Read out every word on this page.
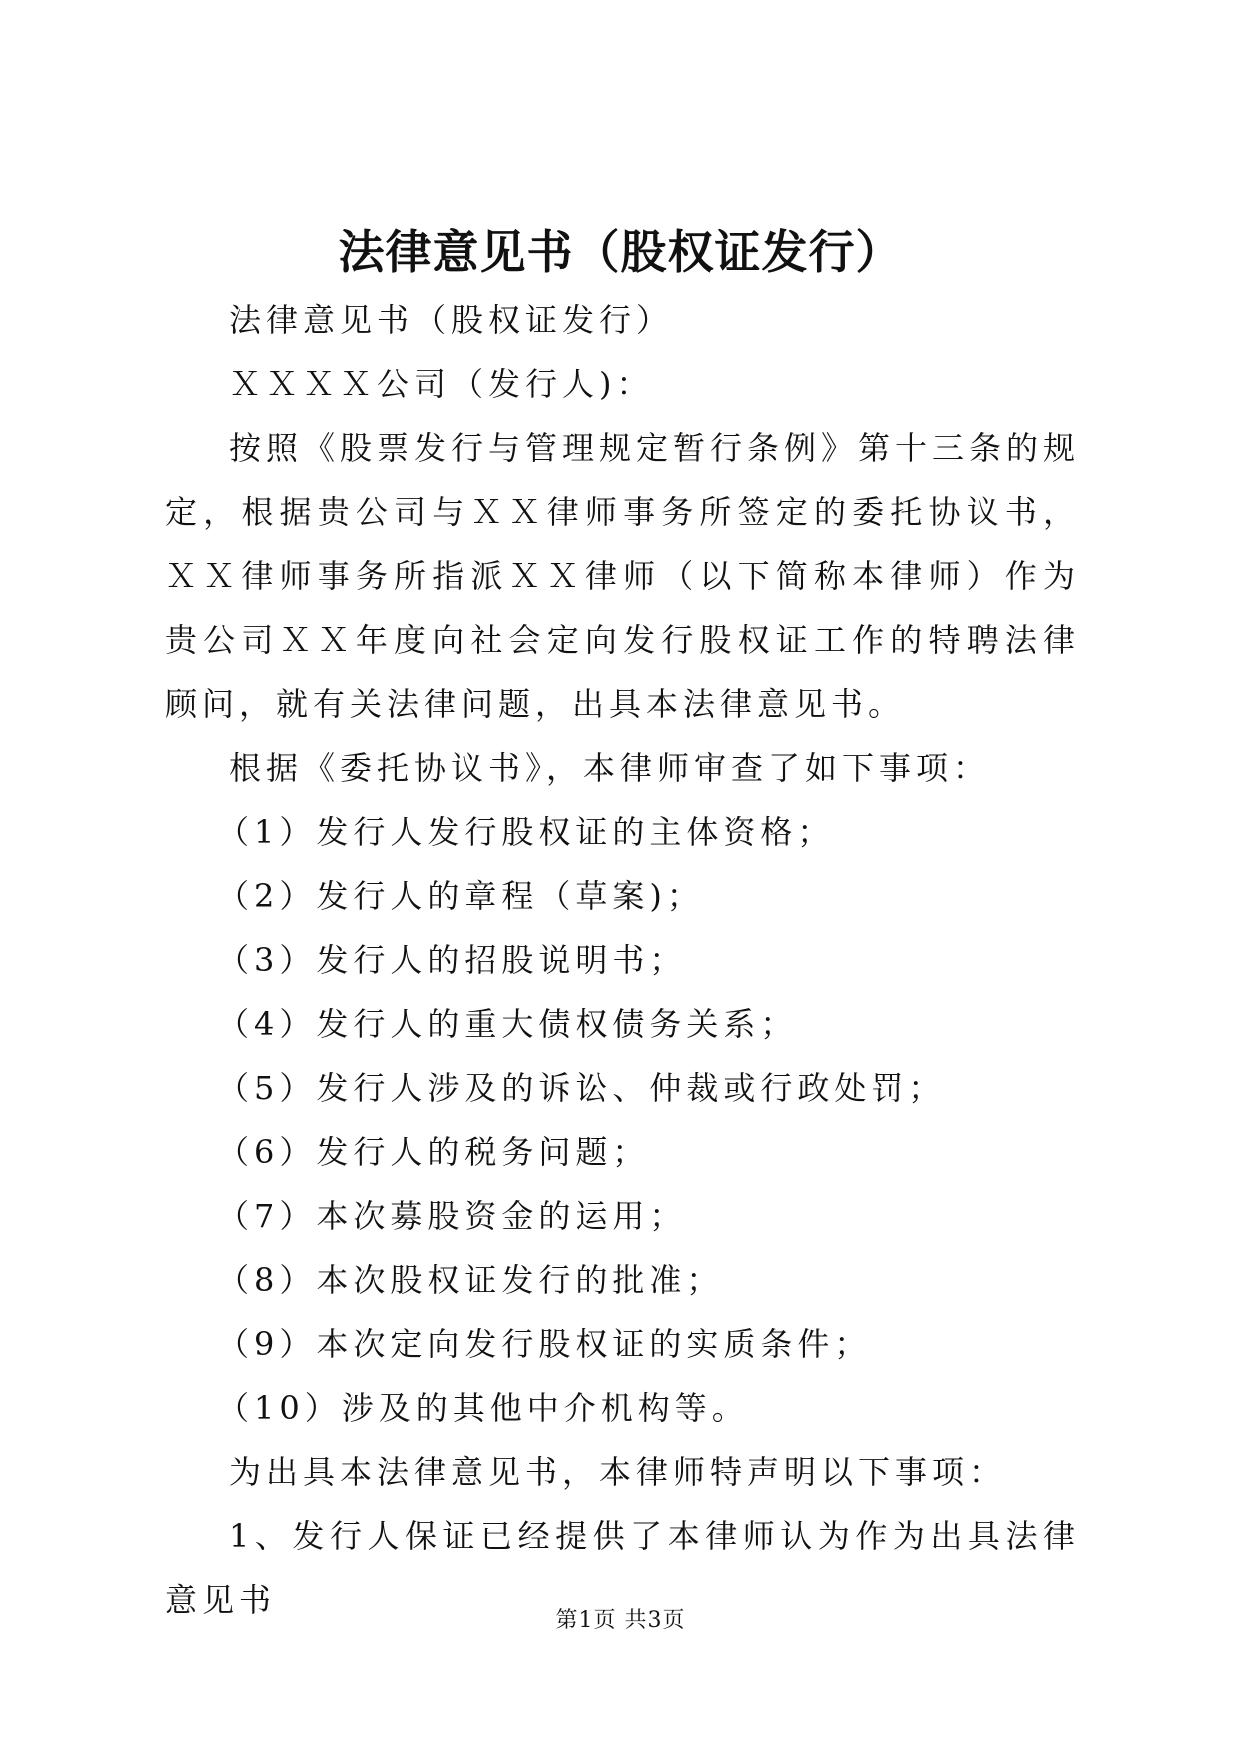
法律意见书（股权证发行）

法律意见书（股权证发行）

ＸＸＸＸ公司（发行人)：

按照《股票发行与管理规定暂行条例》第十三条的规定，根据贵公司与ＸＸ律师事务所签定的委托协议书，ＸＸ律师事务所指派ＸＸ律师（以下简称本律师）作为贵公司ＸＸ年度向社会定向发行股权证工作的特聘法律顾问，就有关法律问题，出具本法律意见书。

根据《委托协议书》，本律师审查了如下事项：

（1）发行人发行股权证的主体资格；

（2）发行人的章程（草案)；

（3）发行人的招股说明书；

（4）发行人的重大债权债务关系；

（5）发行人涉及的诉讼、仲裁或行政处罚；

（6）发行人的税务问题；

（7）本次募股资金的运用；

（8）本次股权证发行的批准；

（9）本次定向发行股权证的实质条件；

（10）涉及的其他中介机构等。

为出具本法律意见书，本律师特声明以下事项：

1、发行人保证已经提供了本律师认为作为出具法律意见书

第1页 共3页
